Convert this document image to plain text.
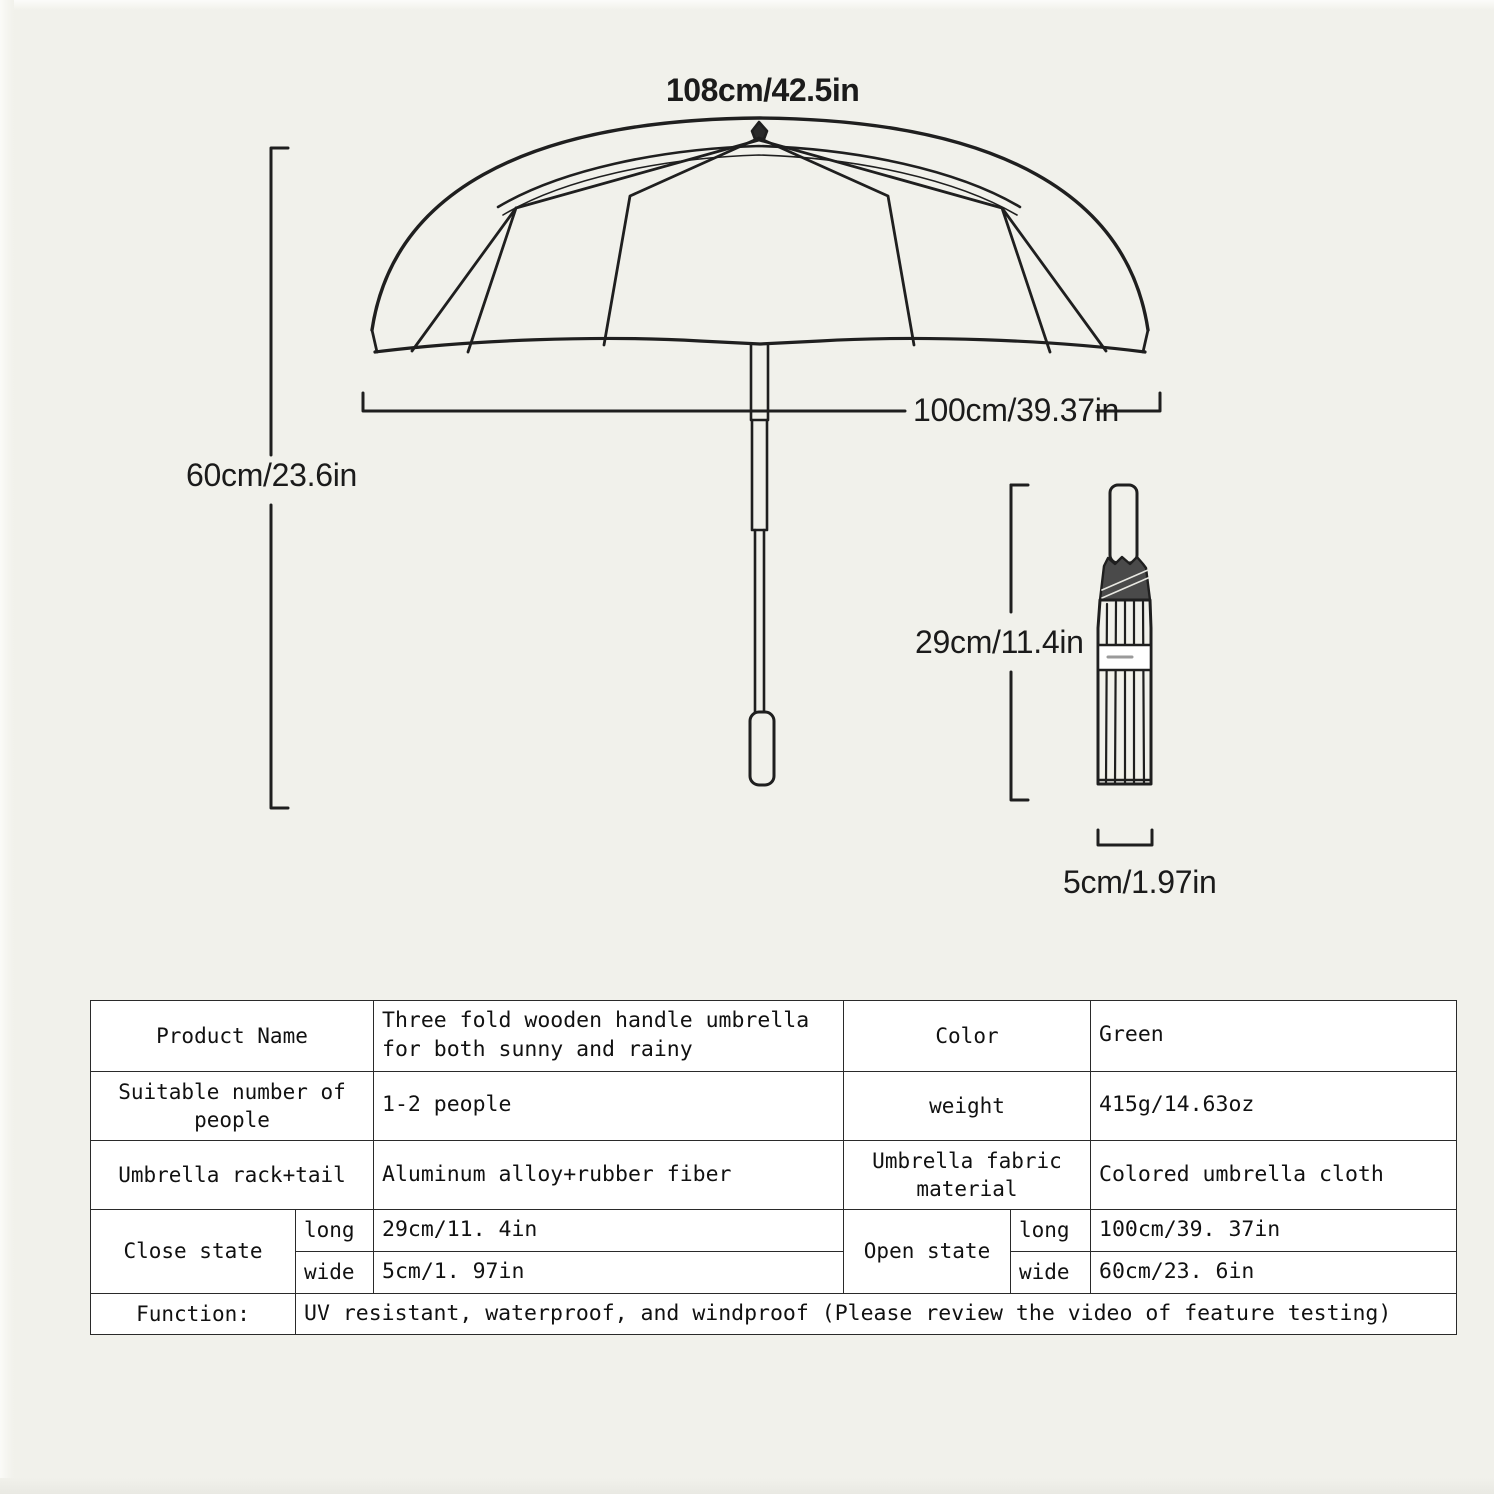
108cm/42.5in
60cm/23.6in
100cm/39.37in
29cm/11.4in
5cm/1.97in
Product Name		Three fold wooden handle umbrella for both sunny and rainy	Color		Green
Suitable number of people		1-2 people	weight		415g/14.63oz
Umbrella rack+tail		Aluminum alloy+rubber fiber	Umbrella fabric material		Colored umbrella cloth
Close state	long	29cm/11. 4in	Open state	long	100cm/39. 37in
	wide	5cm/1. 97in		wide	60cm/23. 6in
Function:	UV resistant, waterproof, and windproof (Please review the video of feature testing)				
